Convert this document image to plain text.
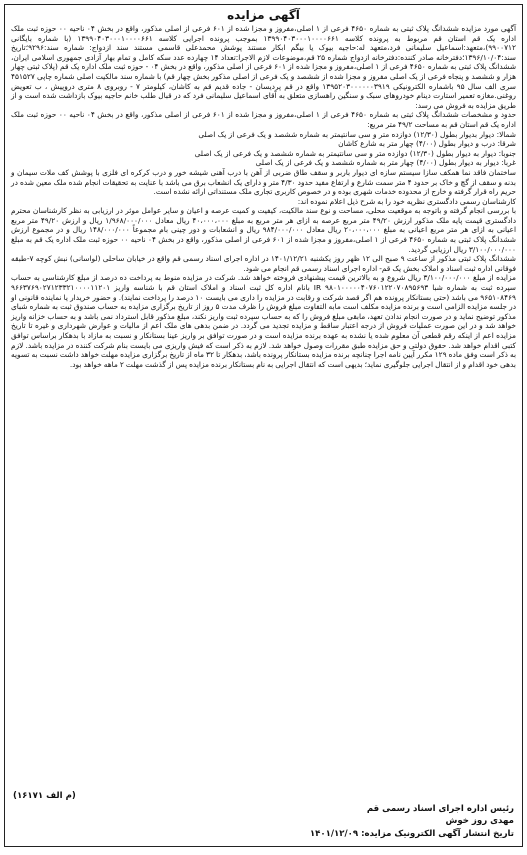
آگهی مزایده
آگهی مورد مزایده ششدانگ پلاک ثبتی به شماره ۴۶۵۰ فرعی از ۱ اصلی،مفروز و مجزا شده از ۶۰۱ فرعی از اصلی مذکور، واقع در بخش ۰۴ ناحیه ۰۰ حوزه ثبت ملک اداره یک قم استان قم مربوط به پرونده کلاسه ۱۳۹۹۰۴۰۳۰۰۰۱۰۰۰۰۶۶۱ بموجب پرونده اجرایی کلاسه ۱۳۹۹۰۴۰۳۰۰۰۱۰۰۰۰۶۶۱ (با شماره بایگانی ۹۹۰۰۷۱۲)،متعهد:اسماعیل سلیمانی فرد،متعهد له:حاجیه بیوک یا بیگم ابکار مستند پوشش محمدعلی قاسمی مستند سند ازدواج: شماره سند:۹۲۹۶؛تاریخ سند:۱۳۹۶/۱۰/۰۴؛دفترخانه صادر کننده:دفترخانه ازدواج شماره ۲۵ قم،موضوعات لازم الاجرا:تعداد ۱۴ چهارده عدد سکه کامل و تمام بهار آزادی جمهوری اسلامی ایران، ششدانگ پلاک ثبتی به شماره ۴۶۵۰ فرعی از ۱ اصلی،مفروز و مجزا شده از ۶۰۱ فرعی از اصلی مذکور، واقع در بخش ۰۴ - حوزه ثبت ملک اداره یک قم (پلاک ثبتی چهار هزار و ششصد و پنجاه فرعی از یک اصلی مفروز و مجزا شده از ششصد و یک فرعی از اصلی مذکور بخش چهار قم) با شماره سند مالکیت اصلی شماره چاپی ۴۵۱۵۲۷ سری الف سال ۹۵ باشماره الکترونیکی ۱۳۹۵۲۰۳۰۰۰۰۰۰۳۹۱۹ واقع در قم پردیسان - جاده قدیم قم به کاشان، کیلومتر ۷ - روبروی ۸ متری دروپیش ، ب تعویض روغنی.مغازه تعمیر استارت دینام خودروهای سبک و سنگین راهسازی متعلق به آقای اسماعیل سلیمانی فرد که در قبال طلب خانم حاجیه بیوک بازداشت شده است و از طریق مزایده به فروش می رسد:
حدود و مشخصات ششدانگ پلاک ثبتی به شماره ۴۶۵۰ فرعی از ۱ اصلی،مفروز و مجزا شده از ۶۰۱ فرعی از اصلی مذکور، واقع در بخش ۰۴ ناحیه ۰۰ حوزه ثبت ملک اداره یک قم استان قم به مساحت ۴۹/۲ متر مربع:
شمالا: دیوار بدیوار بطول (۱۲/۳۰) دوازده متر و سی سانتیمتر به شماره ششصد و یک فرعی از یک اصلی
شرقا: درب و دیوار بطول (۴/۰۰) چهار متر به شارع کاشان
جنوبا: دیوار به دیوار بطول (۱۲/۳۰) دوازده متر و سی سانتیمتر به شماره ششصد و یک فرعی از یک اصلی
غربا: دیوار به دیوار بطول (۴/۰۰) چهار متر به شماره ششصد و یک فرعی از یک اصلی
ساختمان فاقد نما همکف سازا سیستم سازه ای دیوار باربر و سقف طاق ضربی از آهن با درب آهنی شیشه خور و درب کرکره ای فلزی با پوشش کف ملات سیمان و بدنه و سقف از گچ و خاک بر حدود ۴ متر سمت شارع و ارتفاع مفید حدود ۴/۳۰ متر و دارای یک انشعاب برق می باشد با عنایت به تحقیقات انجام شده ملک معین شده در حریم راه قرار گرفته و خارج از محدوده خدمات شهری بوده و در خصوص کاربری تجاری ملک مستنداتی ارائه نشده است.
کارشناسان رسمی دادگستری نظریه خود را به شرح ذیل اعلام نموده اند:
با بررسی انجام گرفته و باتوجه به موقعیت محلی، مساحت و نوع سند مالکیت، کیفیت و کمیت عرصه و اعیان و سایر عوامل موثر در ارزیابی به نظر کارشناسان محترم دادگستری قیمت پایه ملک مذکور ارزش ۴۹/۲۰ متر مربع عرصه به ازای هر متر مربع به مبلغ ۴۰،۰۰۰،۰۰۰ ریال معادل ۱/۹۶۸/۰۰۰/۰۰۰ ریال و ارزش ۴۹/۲۰ متر مربع اعیانی به ازای هر متر مربع اعیانی به مبلغ ۲۰،۰۰۰،۰۰۰ ریال معادل ۹۸۴/۰۰۰/۰۰۰ ریال و انشعابات و دور چینی بام مجموعاً ۱۴۸/۰۰۰/۰۰۰ ریال و در مجموع ارزش ششدانگ پلاک ثبتی به شماره ۴۶۵۰ فرعی از ۱ اصلی،مفروز و مجزا شده از ۶۰۱ فرعی از اصلی مذکور، واقع در بخش ۰۴ ناحیه ۰۰ حوزه ثبت ملک اداره یک قم به مبلغ ۳/۱۰۰/۰۰۰/۰۰۰ ریال ارزیابی گردید.
ششدانگ پلاک ثبتی مذکور از ساعت ۹ صبح الی ۱۲ ظهر روز یکشنبه ۱۴۰۱/۱۲/۲۱ در اداره اجرای اسناد رسمی قم واقع در خیابان ساحلی (لواسانی) نبش کوچه ۷-طبقه فوقانی اداره ثبت اسناد و املاک بخش یک قم- اداره اجرای اسناد رسمی قم انجام می شود.
مزایده از مبلغ ۳/۱۰۰/۰۰۰/۰۰۰ ریال شروع و به بالاترین قیمت پیشنهادی فروخته خواهد شد. شرکت در مزایده منوط به پرداخت ده درصد از مبلغ کارشناسی به حساب سپرده ثبت به شماره شبا IR ۹۸۰۱۰۰۰۰۰۴۰۷۶۰۱۲۲۰۷۰۸۹۵۶۹۳ بانام اداره کل ثبت اسناد و املاک استان قم با شناسه واریز ۹۶۶۳۷۶۹۰۲۷۱۲۳۳۲۱۰۰۰۰۱۱۲۰۱ ۹۶۵۱۰۸۴۶۹ می باشد (حتی بستانکار پرونده هم اگر قصد شرکت و رقابت در مزایده را داری می بایست ۱۰ درصد را پرداخت نمایند). و حضور خریدار یا نماینده قانونی او در جلسه مزایده الزامی است و برنده مزایده مکلف است مابه التفاوت مبلغ فروش را ظرف مدت ۵ روز از تاریخ برگزاری مزایده به حساب صندوق ثبت به شماره شبای مذکور توضیح نماید و در صورت انجام ندادن تعهد، مابقی مبلغ فروش را که به حساب سپرده ثبت واریز نکند، مبلغ مذکور قابل استرداد نمی باشد و به حساب خزانه واریز خواهد شد و در این صورت عملیات فروش از درجه اعتبار ساقط و مزایده تجدید می گردد. در ضمن بدهی های ملک اعم از مالیات و عوارض شهرداری و غیره تا تاریخ مزایده اعم از اینکه رقم قطعی آن معلوم شده یا نشده به عهده برنده مزایده است و در صورت توافق بر واریز عینا بستانکار و نسبت به مازاد با بدهکار براساس توافق کتبی اقدام خواهد شد. حقوق دولتی و حق مزایده طبق مقررات وصول خواهد شد. لازم به ذکر است که فیش واریزی می بایست بنام شرکت کننده در مزایده باشد. لازم به ذکر است وفق ماده ۱۲۹ مکرر آیین نامه اجرا چنانچه برنده مزایده بستانکار پرونده باشد، بدهکار تا ۳۲ ماه از تاریخ برگزاری مزایده مهلت خواهد داشت نسبت به تسویه بدهی خود اقدام و از انتقال اجرایی جلوگیری نماید؛ بدیهی است که انتقال اجرایی به نام بستانکار برنده مزایده پس از گذشت مهلت ۲ ماهه خواهد بود.
(م الف ۱۶۱۷۱)
رئیس اداره اجرای اسناد رسمی قم
مهدی روز خوش
تاریخ انتشار آگهی الکترونیک مزایده: ۱۴۰۱/۱۲/۰۹
